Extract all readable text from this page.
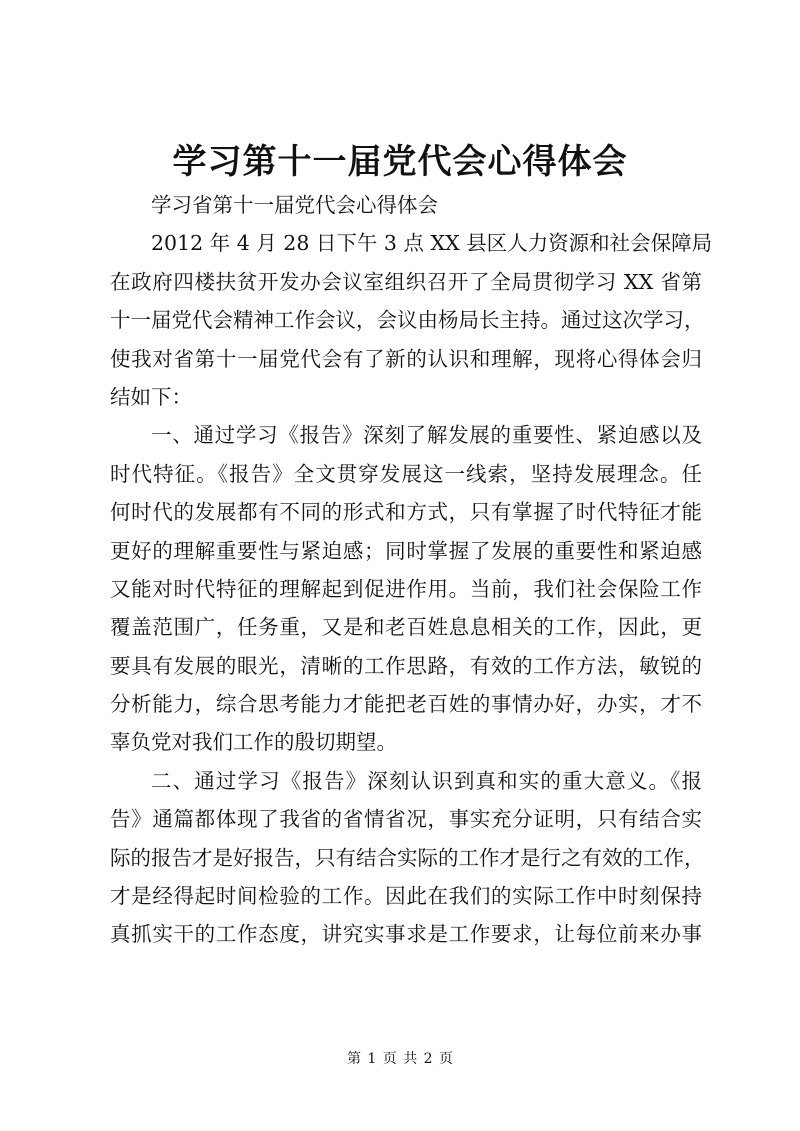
学习第十一届党代会心得体会
学习省第十一届党代会心得体会
2012 年 4 月 28 日下午 3 点 XX 县区人力资源和社会保障局
在政府四楼扶贫开发办会议室组织召开了全局贯彻学习 XX 省第
十一届党代会精神工作会议，会议由杨局长主持。通过这次学习，
使我对省第十一届党代会有了新的认识和理解，现将心得体会归
结如下：
一、通过学习《报告》深刻了解发展的重要性、紧迫感以及
时代特征。《报告》全文贯穿发展这一线索，坚持发展理念。任
何时代的发展都有不同的形式和方式，只有掌握了时代特征才能
更好的理解重要性与紧迫感；同时掌握了发展的重要性和紧迫感
又能对时代特征的理解起到促进作用。当前，我们社会保险工作
覆盖范围广，任务重，又是和老百姓息息相关的工作，因此，更
要具有发展的眼光，清晰的工作思路，有效的工作方法，敏锐的
分析能力，综合思考能力才能把老百姓的事情办好，办实，才不
辜负党对我们工作的殷切期望。
二、通过学习《报告》深刻认识到真和实的重大意义。《报
告》通篇都体现了我省的省情省况，事实充分证明，只有结合实
际的报告才是好报告，只有结合实际的工作才是行之有效的工作，
才是经得起时间检验的工作。因此在我们的实际工作中时刻保持
真抓实干的工作态度，讲究实事求是工作要求，让每位前来办事
第 1 页 共 2 页
